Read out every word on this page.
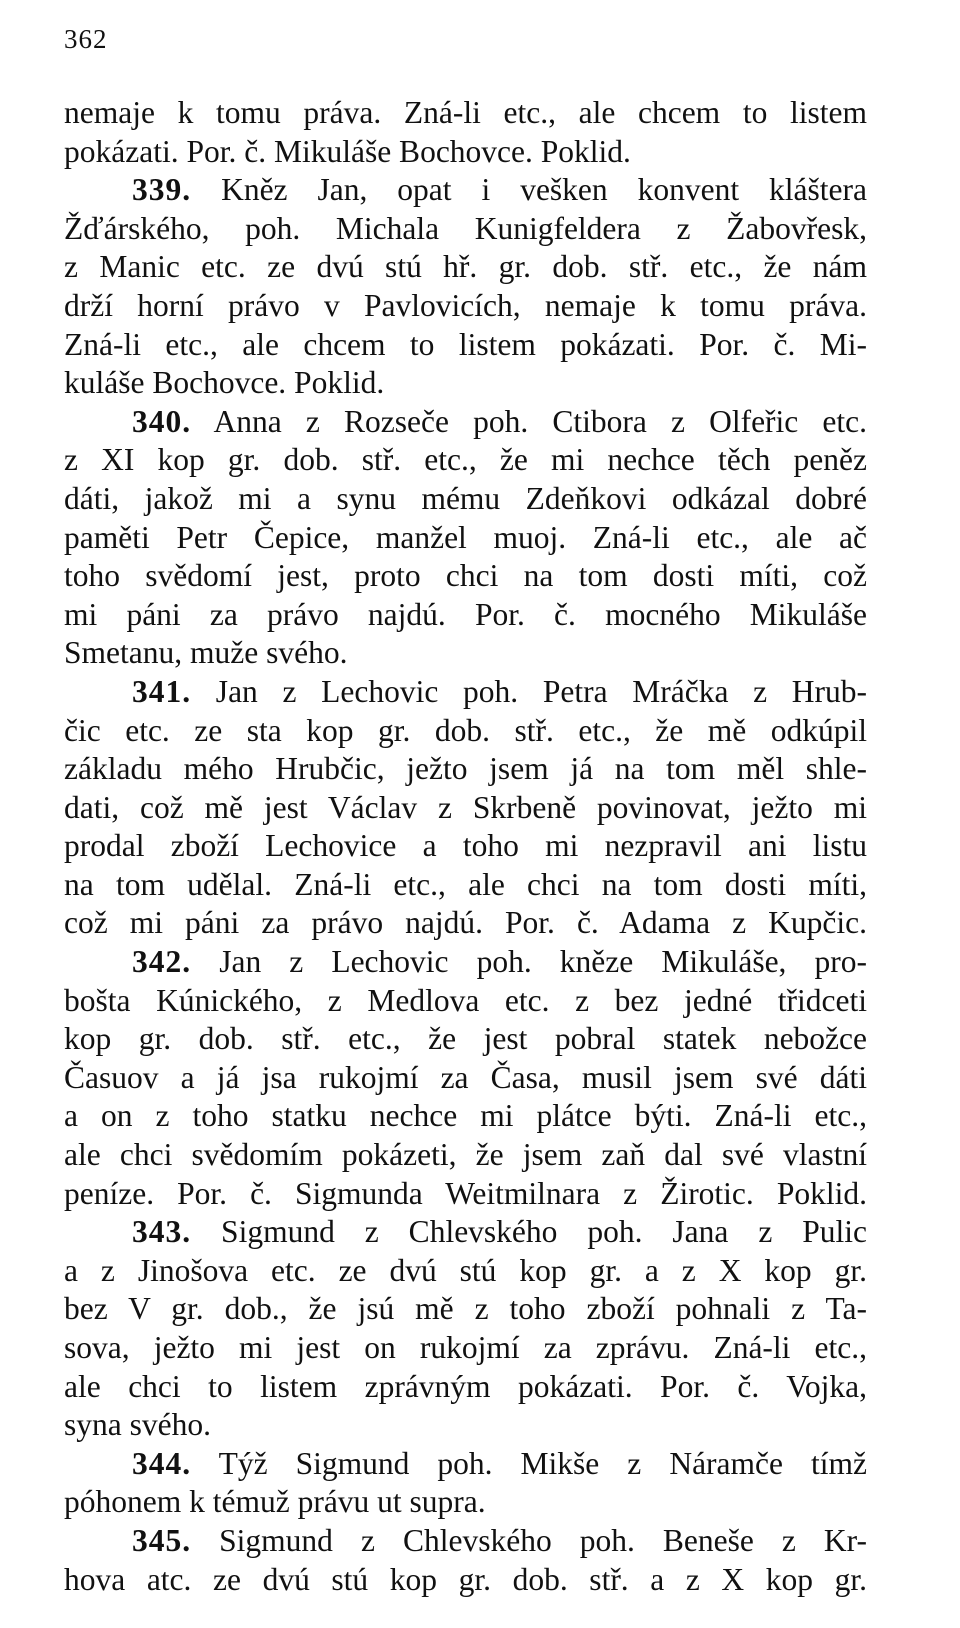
362
nemaje k tomu práva. Zná-li etc., ale chcem to listem
pokázati. Por. č. Mikuláše Bochovce. Poklid.
339. Kněz Jan, opat i vešken konvent kláštera
Žďárského, poh. Michala Kunigfeldera z Žabovřesk,
z Manic etc. ze dvú stú hř. gr. dob. stř. etc., že nám
drží horní právo v Pavlovicích, nemaje k tomu práva.
Zná-li etc., ale chcem to listem pokázati. Por. č. Mi-
kuláše Bochovce. Poklid.
340. Anna z Rozseče poh. Ctibora z Olfeřic etc.
z XI kop gr. dob. stř. etc., že mi nechce těch peněz
dáti, jakož mi a synu mému Zdeňkovi odkázal dobré
paměti Petr Čepice, manžel muoj. Zná-li etc., ale ač
toho svědomí jest, proto chci na tom dosti míti, což
mi páni za právo najdú. Por. č. mocného Mikuláše
Smetanu, muže svého.
341. Jan z Lechovic poh. Petra Mráčka z Hrub-
čic etc. ze sta kop gr. dob. stř. etc., že mě odkúpil
základu mého Hrubčic, ježto jsem já na tom měl shle-
dati, což mě jest Václav z Skrbeně povinovat, ježto mi
prodal zboží Lechovice a toho mi nezpravil ani listu
na tom udělal. Zná-li etc., ale chci na tom dosti míti,
což mi páni za právo najdú. Por. č. Adama z Kupčic.
342. Jan z Lechovic poh. kněze Mikuláše, pro-
bošta Kúnického, z Medlova etc. z bez jedné třidceti
kop gr. dob. stř. etc., že jest pobral statek nebožce
Časuov a já jsa rukojmí za Časa, musil jsem své dáti
a on z toho statku nechce mi plátce býti. Zná-li etc.,
ale chci svědomím pokázeti, že jsem zaň dal své vlastní
peníze. Por. č. Sigmunda Weitmilnara z Žirotic. Poklid.
343. Sigmund z Chlevského poh. Jana z Pulic
a z Jinošova etc. ze dvú stú kop gr. a z X kop gr.
bez V gr. dob., že jsú mě z toho zboží pohnali z Ta-
sova, ježto mi jest on rukojmí za zprávu. Zná-li etc.,
ale chci to listem zprávným pokázati. Por. č. Vojka,
syna svého.
344. Týž Sigmund poh. Mikše z Náramče tímž
póhonem k témuž právu ut supra.
345. Sigmund z Chlevského poh. Beneše z Kr-
hova atc. ze dvú stú kop gr. dob. stř. a z X kop gr.
